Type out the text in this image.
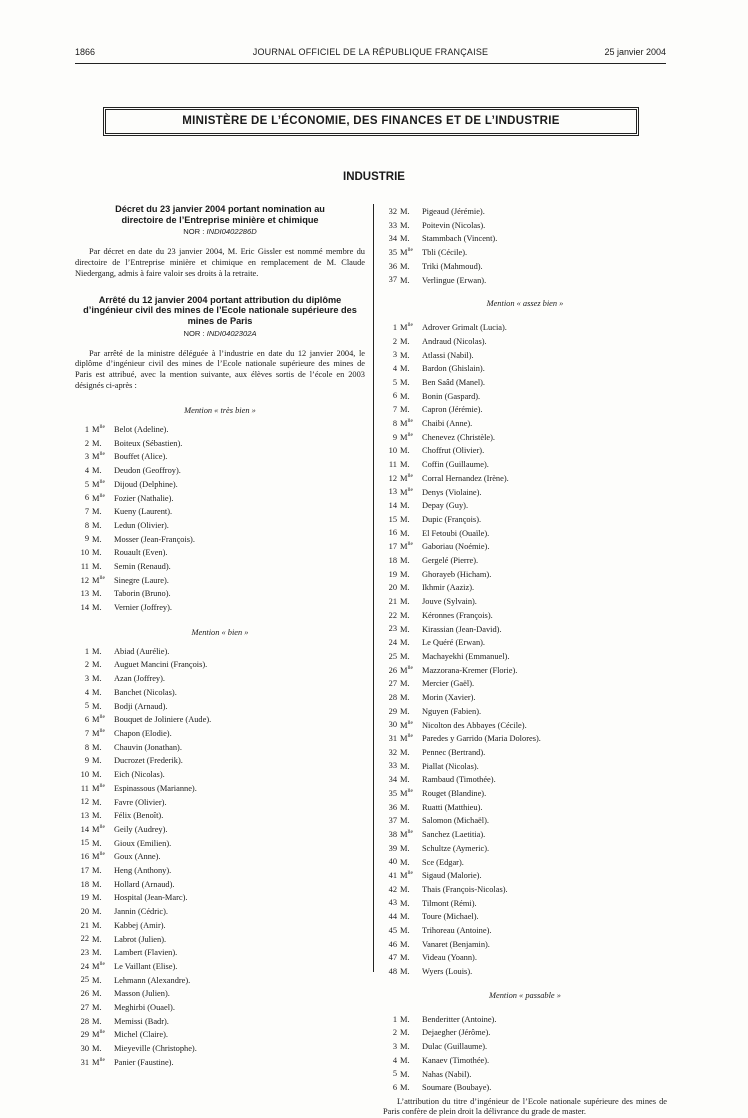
1866	JOURNAL OFFICIEL DE LA RÉPUBLIQUE FRANÇAISE	25 janvier 2004
MINISTÈRE DE L’ÉCONOMIE, DES FINANCES ET DE L’INDUSTRIE
INDUSTRIE
Décret du 23 janvier 2004 portant nomination au directoire de l’Entreprise minière et chimique
NOR : INDI0402286D

Par décret en date du 23 janvier 2004, M. Eric Gissler est nommé membre du directoire de l’Entreprise minière et chimique en remplacement de M. Claude Niedergang, admis à faire valoir ses droits à la retraite.

Arrêté du 12 janvier 2004 portant attribution du diplôme d’ingénieur civil des mines de l’Ecole nationale supérieure des mines de Paris
NOR : INDI0402302A

Par arrêté de la ministre déléguée à l’industrie en date du 12 janvier 2004, le diplôme d’ingénieur civil des mines de l’Ecole nationale supérieure des mines de Paris est attribué, avec la mention suivante, aux élèves sortis de l’école en 2003 désignés ci-après :

Mention « très bien »

1 $M^{lle}$ Belot (Adeline).
2 M. Boiteux (Sébastien).
3 $M^{lle}$ Bouffet (Alice).
4 M. Deudon (Geoffroy).
5 $M^{lle}$ Dijoud (Delphine).
6 $M^{lle}$ Fozier (Nathalie).
7 M. Kueny (Laurent).
8 M. Ledun (Olivier).
9 M. Mosser (Jean-François).
10 M. Rouault (Even).
11 M. Semin (Renaud).
12 $M^{lle}$ Sinegre (Laure).
13 M. Taborin (Bruno).
14 M. Vernier (Joffrey).

Mention « bien »

1 M. Abiad (Aurélie).
2 M. Auguet Mancini (François).
3 M. Azan (Joffrey).
4 M. Banchet (Nicolas).
5 M. Bodji (Arnaud).
6 $M^{lle}$ Bouquet de Joliniere (Aude).
7 $M^{lle}$ Chapon (Elodie).
8 M. Chauvin (Jonathan).
9 M. Ducrozet (Frederik).
10 M. Eich (Nicolas).
11 $M^{lle}$ Espinassous (Marianne).
12 M. Favre (Olivier).
13 M. Félix (Benoît).
14 $M^{lle}$ Geily (Audrey).
15 M. Gioux (Emilien).
16 $M^{lle}$ Goux (Anne).
17 M. Heng (Anthony).
18 M. Hollard (Arnaud).
19 M. Hospital (Jean-Marc).
20 M. Jannin (Cédric).
21 M. Kabbej (Amir).
22 M. Labrot (Julien).
23 M. Lambert (Flavien).
24 $M^{lle}$ Le Vaillant (Elise).
25 M. Lehmann (Alexandre).
26 M. Masson (Julien).
27 M. Meghirbi (Ouael).
28 M. Memissi (Badr).
29 $M^{lle}$ Michel (Claire).
30 M. Mieyeville (Christophe).
31 $M^{lle}$ Panier (Faustine).
32 M. Pigeaud (Jérémie).
33 M. Poitevin (Nicolas).
34 M. Stammbach (Vincent).
35 $M^{lle}$ Tbli (Cécile).
36 M. Triki (Mahmoud).
37 M. Verlingue (Erwan).

Mention « assez bien »

1 $M^{lle}$ Adrover Grimalt (Lucia).
2 M. Andraud (Nicolas).
3 M. Atlassi (Nabil).
4 M. Bardon (Ghislain).
5 M. Ben Saâd (Manel).
6 M. Bonin (Gaspard).
7 M. Capron (Jérémie).
8 $M^{lle}$ Chaibi (Anne).
9 $M^{lle}$ Chenevez (Christèle).
10 M. Choffrut (Olivier).
11 M. Coffin (Guillaume).
12 $M^{lle}$ Corral Hernandez (Irène).
13 $M^{lle}$ Denys (Violaine).
14 M. Depay (Guy).
15 M. Dupic (François).
16 M. El Fetoubi (Ouaïle).
17 $M^{lle}$ Gaboriau (Noémie).
18 M. Gergelé (Pierre).
19 M. Ghorayeb (Hicham).
20 M. Ikhmir (Aaziz).
21 M. Jouve (Sylvain).
22 M. Kéronnes (François).
23 M. Kirassian (Jean-David).
24 M. Le Quéré (Erwan).
25 M. Machayekhi (Emmanuel).
26 $M^{lle}$ Mazzorana-Kremer (Florie).
27 M. Mercier (Gaël).
28 M. Morin (Xavier).
29 M. Nguyen (Fabien).
30 $M^{lle}$ Nicolton des Abbayes (Cécile).
31 $M^{lle}$ Paredes y Garrido (Maria Dolores).
32 M. Pennec (Bertrand).
33 M. Piallat (Nicolas).
34 M. Rambaud (Timothée).
35 $M^{lle}$ Rouget (Blandine).
36 M. Ruatti (Matthieu).
37 M. Salomon (Michaël).
38 $M^{lle}$ Sanchez (Laetitia).
39 M. Schultze (Aymeric).
40 M. Sce (Edgar).
41 $M^{lle}$ Sigaud (Malorie).
42 M. Thais (François-Nicolas).
43 M. Tilmont (Rémi).
44 M. Toure (Michael).
45 M. Trihoreau (Antoine).
46 M. Vanaret (Benjamin).
47 M. Videau (Yoann).
48 M. Wyers (Louis).

Mention « passable »

1 M. Benderitter (Antoine).
2 M. Dejaegher (Jérôme).
3 M. Dulac (Guillaume).
4 M. Kanaev (Timothée).
5 M. Nahas (Nabil).
6 M. Soumare (Boubaye).

L’attribution du titre d’ingénieur de l’Ecole nationale supérieure des mines de Paris confère de plein droit la délivrance du grade de master.
